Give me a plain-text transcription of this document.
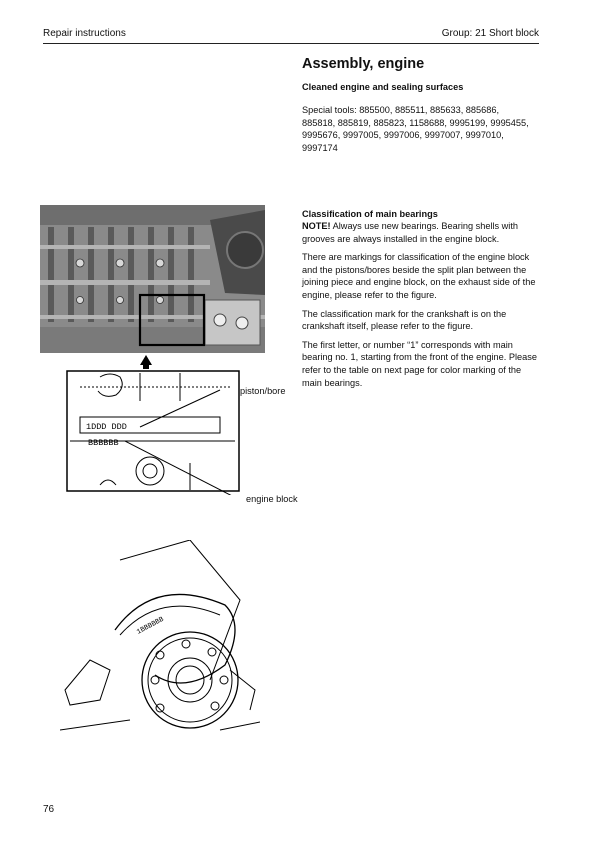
Repair instructions	Group: 21 Short block
Assembly, engine
Cleaned engine and sealing surfaces
Special tools: 885500, 885511, 885633, 885686, 885818, 885819, 885823, 1158688, 9995199, 9995455, 9995676, 9997005, 9997006, 9997007, 9997010, 9997174
Classification of main bearings

NOTE! Always use new bearings. Bearing shells with grooves are always installed in the engine block.

There are markings for classification of the engine block and the pistons/bores beside the split plan between the joining piece and engine block, on the exhaust side of the engine, please refer to the figure.

The classification mark for the crankshaft is on the crankshaft itself, please refer to the figure.

The first letter, or number “1” corresponds with main bearing no. 1, starting from the front of the engine. Please refer to the table on next page for color marking of the main bearings.

1DDD DDD
BBBBBB
piston/bore
engine block
1BBBBBB
76
